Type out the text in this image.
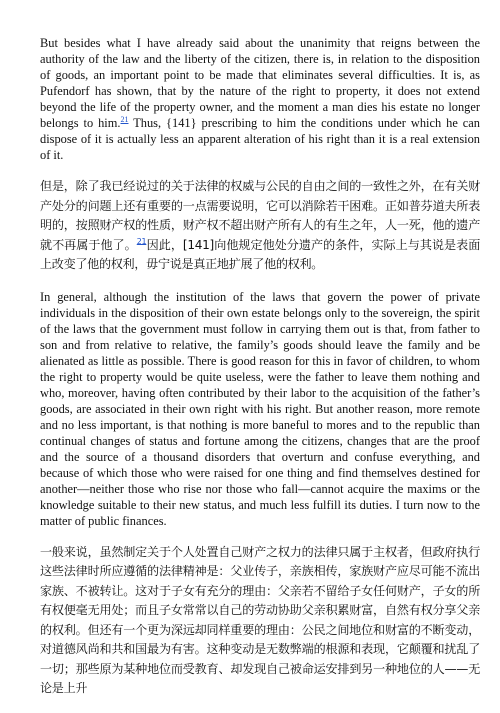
But besides what I have already said about the unanimity that reigns between the authority of the law and the liberty of the citizen, there is, in relation to the disposition of goods, an important point to be made that eliminates several difficulties. It is, as Pufendorf has shown, that by the nature of the right to property, it does not extend beyond the life of the property owner, and the moment a man dies his estate no longer belongs to him.$^{21}$ Thus, {141} prescribing to him the conditions under which he can dispose of it is actually less an apparent alteration of his right than it is a real extension of it.

但是，除了我已经说过的关于法律的权威与公民的自由之间的一致性之外，在有关财产处分的问题上还有重要的一点需要说明，它可以消除若干困难。正如普芬道夫所表明的，按照财产权的性质，财产权不超出财产所有人的有生之年，人一死，他的遗产就不再属于他了。$^{21}$因此，[141]向他规定他处分遗产的条件，实际上与其说是表面上改变了他的权利，毋宁说是真正地扩展了他的权利。

In general, although the institution of the laws that govern the power of private individuals in the disposition of their own estate belongs only to the sovereign, the spirit of the laws that the government must follow in carrying them out is that, from father to son and from relative to relative, the family’s goods should leave the family and be alienated as little as possible. There is good reason for this in favor of children, to whom the right to property would be quite useless, were the father to leave them nothing and who, moreover, having often contributed by their labor to the acquisition of the father’s goods, are associated in their own right with his right. But another reason, more remote and no less important, is that nothing is more baneful to mores and to the republic than continual changes of status and fortune among the citizens, changes that are the proof and the source of a thousand disorders that overturn and confuse everything, and because of which those who were raised for one thing and find themselves destined for another—neither those who rise nor those who fall—cannot acquire the maxims or the knowledge suitable to their new status, and much less fulfill its duties. I turn now to the matter of public finances.

一般来说，虽然制定关于个人处置自己财产之权力的法律只属于主权者，但政府执行这些法律时所应遵循的法律精神是：父业传子，亲族相传，家族财产应尽可能不流出家族、不被转让。这对于子女有充分的理由：父亲若不留给子女任何财产，子女的所有权便毫无用处；而且子女常常以自己的劳动协助父亲积累财富，自然有权分享父亲的权利。但还有一个更为深远却同样重要的理由：公民之间地位和财富的不断变动，对道德风尚和共和国最为有害。这种变动是无数弊端的根源和表现，它颠覆和扰乱了一切；那些原为某种地位而受教育、却发现自己被命运安排到另一种地位的人——无论是上升
